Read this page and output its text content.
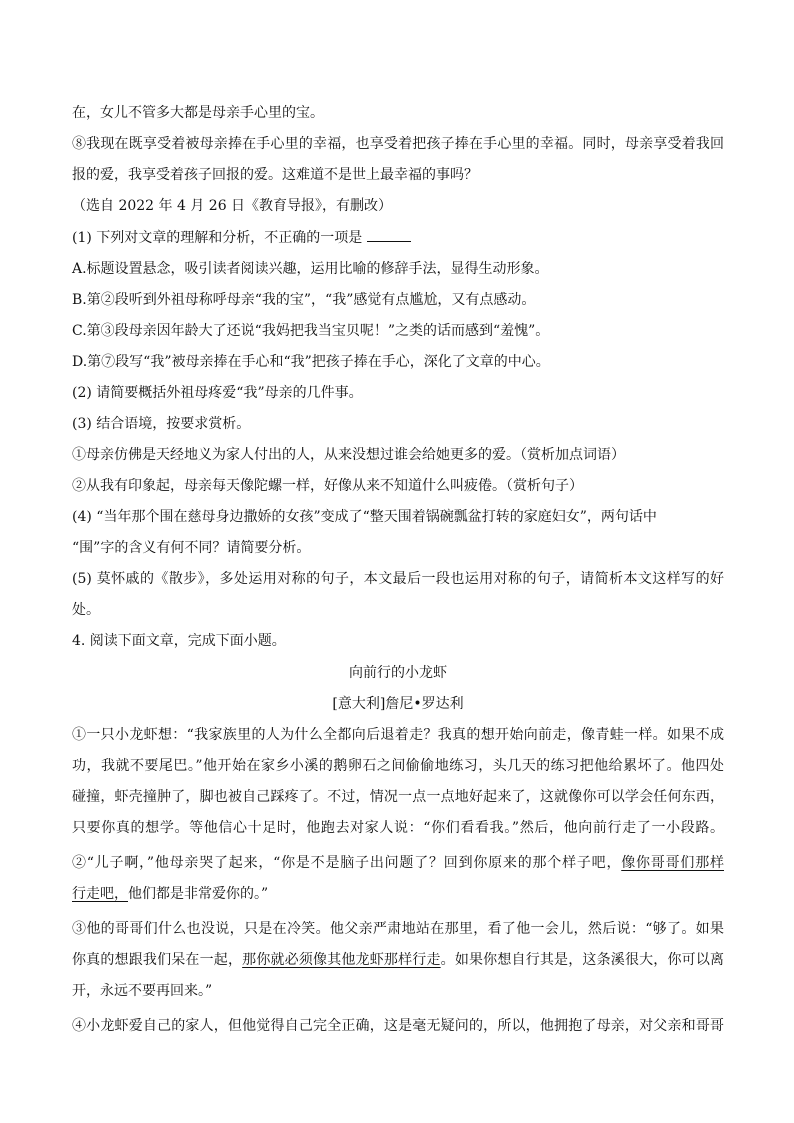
在，女儿不管多大都是母亲手心里的宝。
⑧我现在既享受着被母亲捧在手心里的幸福，也享受着把孩子捧在手心里的幸福。同时，母亲享受着我回
报的爱，我享受着孩子回报的爱。这难道不是世上最幸福的事吗？
（选自 2022 年 4 月 26 日《教育导报》，有删改）
(1) 下列对文章的理解和分析，不正确的一项是
A.标题设置悬念，吸引读者阅读兴趣，运用比喻的修辞手法，显得生动形象。
B.第②段听到外祖母称呼母亲“我的宝”，“我”感觉有点尴尬，又有点感动。
C.第③段母亲因年龄大了还说“我妈把我当宝贝呢！”之类的话而感到“羞愧”。
D.第⑦段写“我”被母亲捧在手心和“我”把孩子捧在手心，深化了文章的中心。
(2) 请简要概括外祖母疼爱“我”母亲的几件事。
(3) 结合语境，按要求赏析。
①母亲仿佛是天经地义为家人付出的人，从来没想过谁会给她更多的爱。（赏析加点词语）
②从我有印象起，母亲每天像陀螺一样，好像从来不知道什么叫疲倦。（赏析句子）
(4) “当年那个围在慈母身边撒娇的女孩”变成了“整天围着锅碗瓢盆打转的家庭妇女”，两句话中
“围”字的含义有何不同？请简要分析。
(5) 莫怀戚的《散步》，多处运用对称的句子，本文最后一段也运用对称的句子，请简析本文这样写的好
处。
4. 阅读下面文章，完成下面小题。
向前行的小龙虾
[意大利]詹尼•罗达利
①一只小龙虾想：“我家族里的人为什么全都向后退着走？我真的想开始向前走，像青蛙一样。如果不成
功，我就不要尾巴。”他开始在家乡小溪的鹅卵石之间偷偷地练习，头几天的练习把他给累坏了。他四处
碰撞，虾壳撞肿了，脚也被自己踩疼了。不过，情况一点一点地好起来了，这就像你可以学会任何东西，
只要你真的想学。等他信心十足时，他跑去对家人说：“你们看看我。”然后，他向前行走了一小段路。
②“儿子啊，”他母亲哭了起来，“你是不是脑子出问题了？回到你原来的那个样子吧，像你哥哥们那样
行走吧，他们都是非常爱你的。”
③他的哥哥们什么也没说，只是在冷笑。他父亲严肃地站在那里，看了他一会儿，然后说：“够了。如果
你真的想跟我们呆在一起，那你就必须像其他龙虾那样行走。如果你想自行其是，这条溪很大，你可以离
开，永远不要再回来。”
④小龙虾爱自己的家人，但他觉得自己完全正确，这是毫无疑问的，所以，他拥抱了母亲，对父亲和哥哥
